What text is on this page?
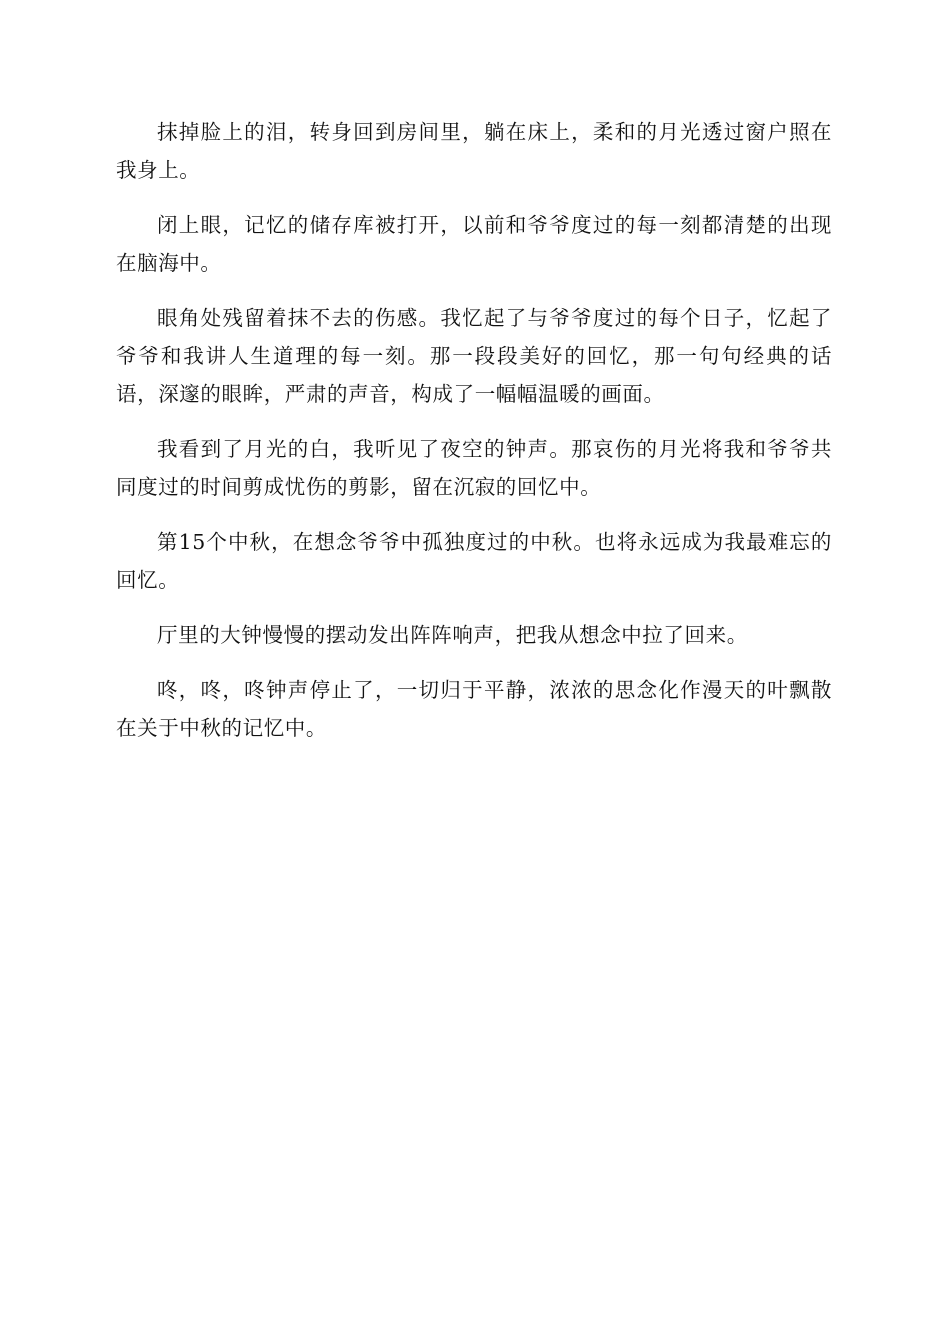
抹掉脸上的泪，转身回到房间里，躺在床上，柔和的月光透过窗户照在我身上。

闭上眼，记忆的储存库被打开，以前和爷爷度过的每一刻都清楚的出现在脑海中。

眼角处残留着抹不去的伤感。我忆起了与爷爷度过的每个日子，忆起了爷爷和我讲人生道理的每一刻。那一段段美好的回忆，那一句句经典的话语，深邃的眼眸，严肃的声音，构成了一幅幅温暖的画面。

我看到了月光的白，我听见了夜空的钟声。那哀伤的月光将我和爷爷共同度过的时间剪成忧伤的剪影，留在沉寂的回忆中。

第15个中秋，在想念爷爷中孤独度过的中秋。也将永远成为我最难忘的回忆。

厅里的大钟慢慢的摆动发出阵阵响声，把我从想念中拉了回来。

咚，咚，咚钟声停止了，一切归于平静，浓浓的思念化作漫天的叶飘散在关于中秋的记忆中。
